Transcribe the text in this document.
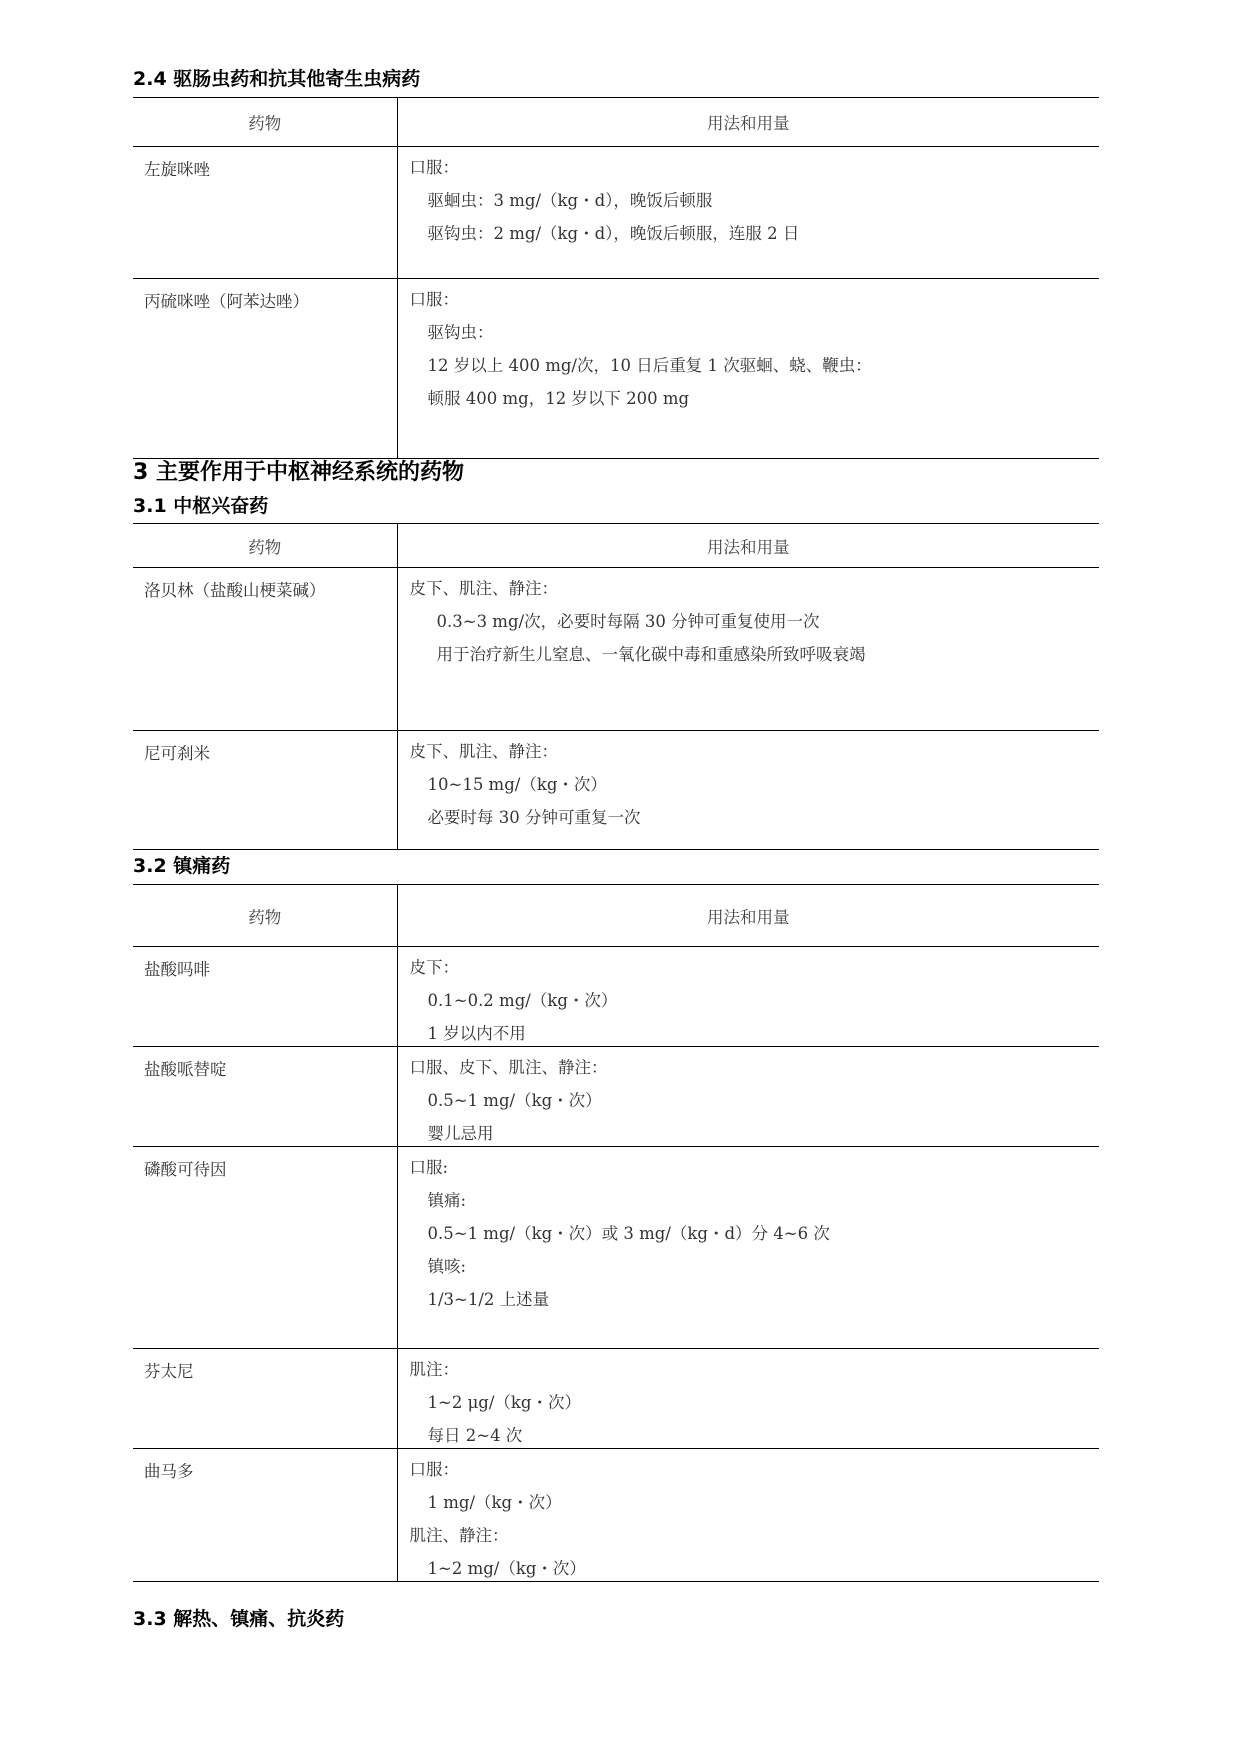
2.4 驱肠虫药和抗其他寄生虫病药
药物	用法和用量

左旋咪唑	口服：
驱蛔虫：3 mg/（kg・d），晚饭后顿服
驱钩虫：2 mg/（kg・d），晚饭后顿服，连服 2 日

丙硫咪唑（阿苯达唑）	口服：
驱钩虫：
12 岁以上 400 mg/次，10 日后重复 1 次驱蛔、蛲、鞭虫：
顿服 400 mg，12 岁以下 200 mg
3 主要作用于中枢神经系统的药物
3.1 中枢兴奋药
药物	用法和用量

洛贝林（盐酸山梗菜碱）	皮下、肌注、静注：
0.3~3 mg/次，必要时每隔 30 分钟可重复使用一次
用于治疗新生儿窒息、一氧化碳中毒和重感染所致呼吸衰竭

尼可刹米	皮下、肌注、静注：
10~15 mg/（kg・次）
必要时每 30 分钟可重复一次
3.2 镇痛药
药物	用法和用量

盐酸吗啡	皮下：
0.1~0.2 mg/（kg・次）
1 岁以内不用

盐酸哌替啶	口服、皮下、肌注、静注：
0.5~1 mg/（kg・次）
婴儿忌用

磷酸可待因	口服:
镇痛:
0.5~1 mg/（kg・次）或 3 mg/（kg・d）分 4~6 次
镇咳:
1/3~1/2 上述量

芬太尼	肌注：
1~2 μg/（kg・次）
每日 2~4 次

曲马多	口服：
1 mg/（kg・次）
肌注、静注：
1~2 mg/（kg・次）
3.3 解热、镇痛、抗炎药
